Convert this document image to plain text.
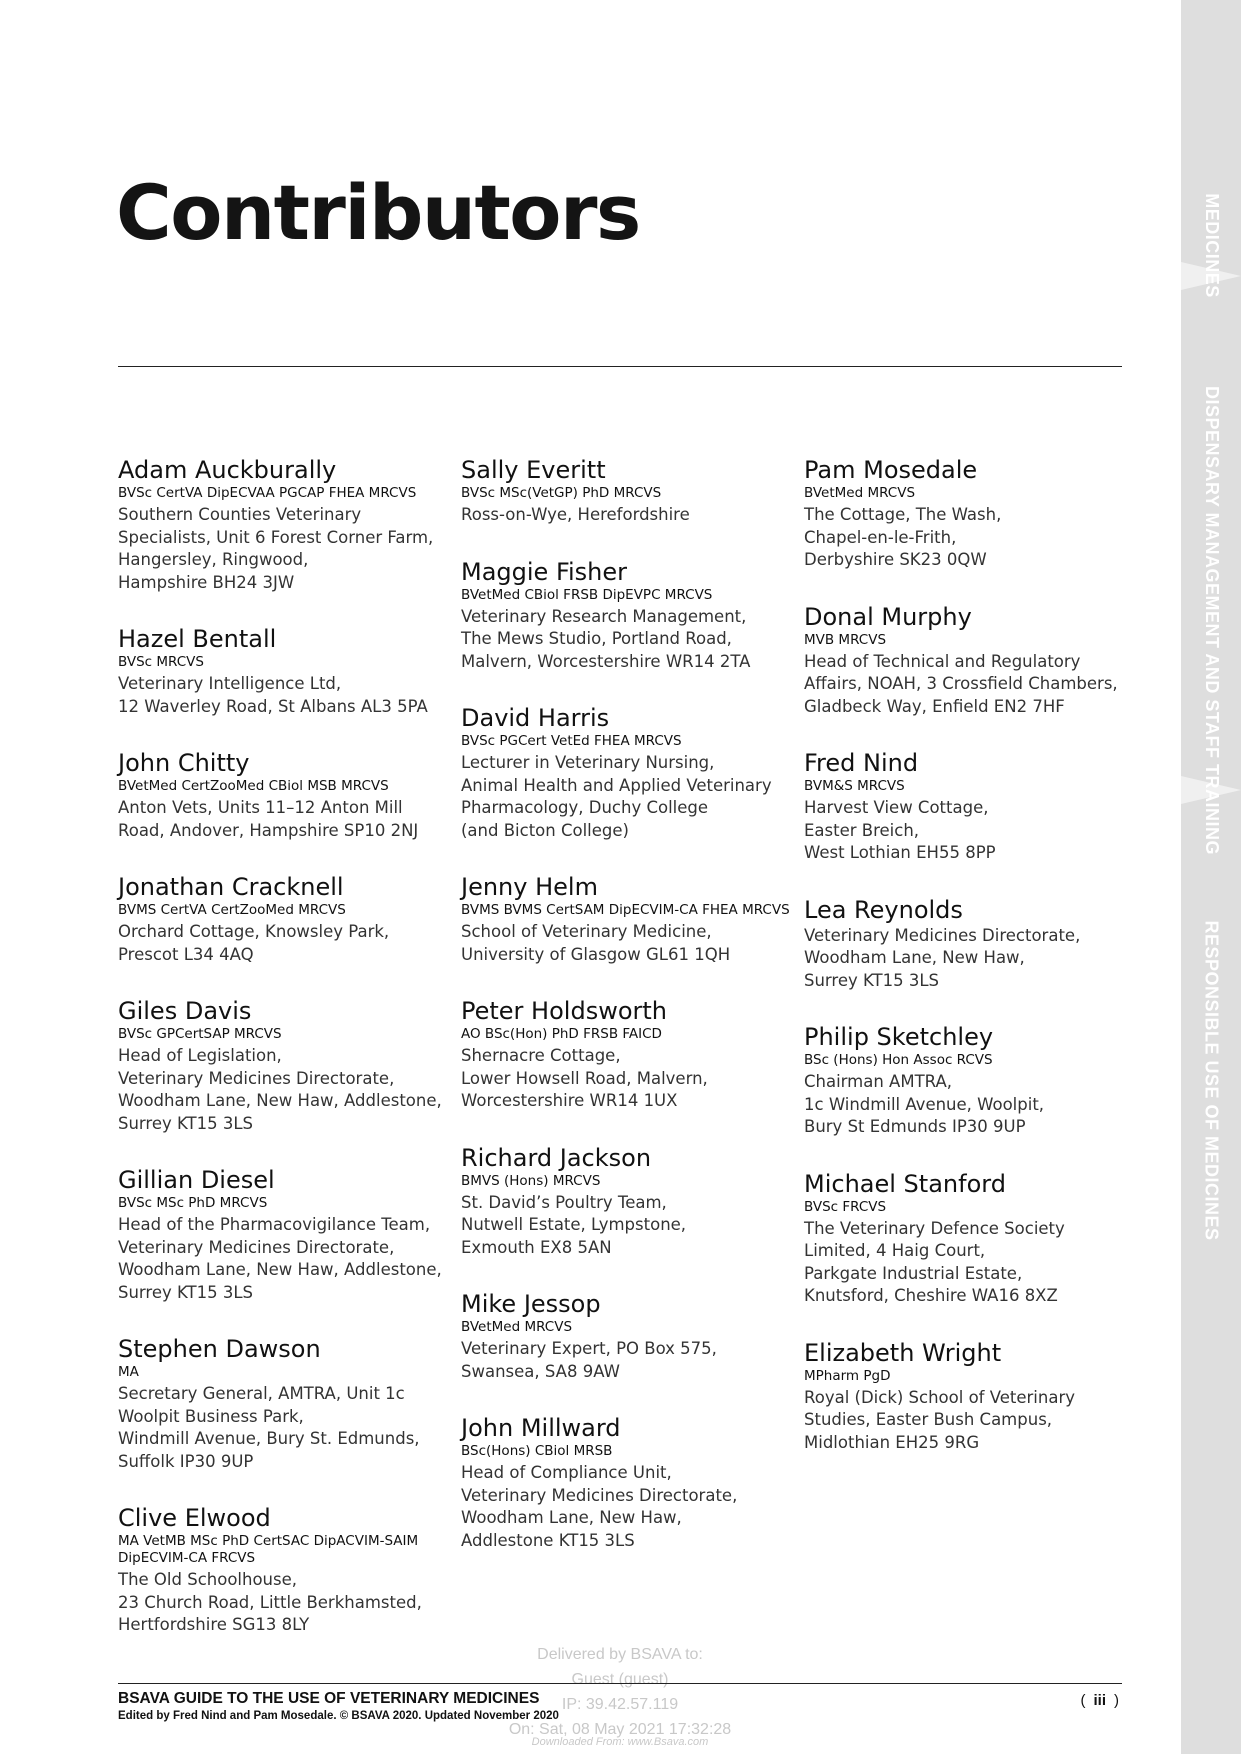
Contributors
Adam Auckburally
BVSc CertVA DipECVAA PGCAP FHEA MRCVS
Southern Counties Veterinary
Specialists, Unit 6 Forest Corner Farm,
Hangersley, Ringwood,
Hampshire BH24 3JW
Hazel Bentall
BVSc MRCVS
Veterinary Intelligence Ltd,
12 Waverley Road, St Albans AL3 5PA
John Chitty
BVetMed CertZooMed CBiol MSB MRCVS
Anton Vets, Units 11–12 Anton Mill
Road, Andover, Hampshire SP10 2NJ
Jonathan Cracknell
BVMS CertVA CertZooMed MRCVS
Orchard Cottage, Knowsley Park,
Prescot L34 4AQ
Giles Davis
BVSc GPCertSAP MRCVS
Head of Legislation,
Veterinary Medicines Directorate,
Woodham Lane, New Haw, Addlestone,
Surrey KT15 3LS
Gillian Diesel
BVSc MSc PhD MRCVS
Head of the Pharmacovigilance Team,
Veterinary Medicines Directorate,
Woodham Lane, New Haw, Addlestone,
Surrey KT15 3LS
Stephen Dawson
MA
Secretary General, AMTRA, Unit 1c
Woolpit Business Park,
Windmill Avenue, Bury St. Edmunds,
Suffolk IP30 9UP
Clive Elwood
MA VetMB MSc PhD CertSAC DipACVIM-SAIM DipECVIM-CA FRCVS
The Old Schoolhouse,
23 Church Road, Little Berkhamsted,
Hertfordshire SG13 8LY
Sally Everitt
BVSc MSc(VetGP) PhD MRCVS
Ross-on-Wye, Herefordshire
Maggie Fisher
BVetMed CBiol FRSB DipEVPC MRCVS
Veterinary Research Management,
The Mews Studio, Portland Road,
Malvern, Worcestershire WR14 2TA
David Harris
BVSc PGCert VetEd FHEA MRCVS
Lecturer in Veterinary Nursing,
Animal Health and Applied Veterinary
Pharmacology, Duchy College
(and Bicton College)
Jenny Helm
BVMS BVMS CertSAM DipECVIM-CA FHEA MRCVS
School of Veterinary Medicine,
University of Glasgow GL61 1QH
Peter Holdsworth
AO BSc(Hon) PhD FRSB FAICD
Shernacre Cottage,
Lower Howsell Road, Malvern,
Worcestershire WR14 1UX
Richard Jackson
BMVS (Hons) MRCVS
St. David’s Poultry Team,
Nutwell Estate, Lympstone,
Exmouth EX8 5AN
Mike Jessop
BVetMed MRCVS
Veterinary Expert, PO Box 575,
Swansea, SA8 9AW
John Millward
BSc(Hons) CBiol MRSB
Head of Compliance Unit,
Veterinary Medicines Directorate,
Woodham Lane, New Haw,
Addlestone KT15 3LS
Pam Mosedale
BVetMed MRCVS
The Cottage, The Wash,
Chapel-en-le-Frith,
Derbyshire SK23 0QW
Donal Murphy
MVB MRCVS
Head of Technical and Regulatory
Affairs, NOAH, 3 Crossfield Chambers,
Gladbeck Way, Enfield EN2 7HF
Fred Nind
BVM&S MRCVS
Harvest View Cottage,
Easter Breich,
West Lothian EH55 8PP
Lea Reynolds
Veterinary Medicines Directorate,
Woodham Lane, New Haw,
Surrey KT15 3LS
Philip Sketchley
BSc (Hons) Hon Assoc RCVS
Chairman AMTRA,
1c Windmill Avenue, Woolpit,
Bury St Edmunds IP30 9UP
Michael Stanford
BVSc FRCVS
The Veterinary Defence Society
Limited, 4 Haig Court,
Parkgate Industrial Estate,
Knutsford, Cheshire WA16 8XZ
Elizabeth Wright
MPharm PgD
Royal (Dick) School of Veterinary
Studies, Easter Bush Campus,
Midlothian EH25 9RG
MEDICINES
DISPENSARY MANAGEMENT AND STAFF TRAINING
RESPONSIBLE USE OF MEDICINES
Delivered by BSAVA to:
Guest (guest)
IP: 39.42.57.119
On: Sat, 08 May 2021 17:32:28
Downloaded From: www.Bsava.com
BSAVA GUIDE TO THE USE OF VETERINARY MEDICINES
Edited by Fred Nind and Pam Mosedale. © BSAVA 2020. Updated November 2020
( iii )
